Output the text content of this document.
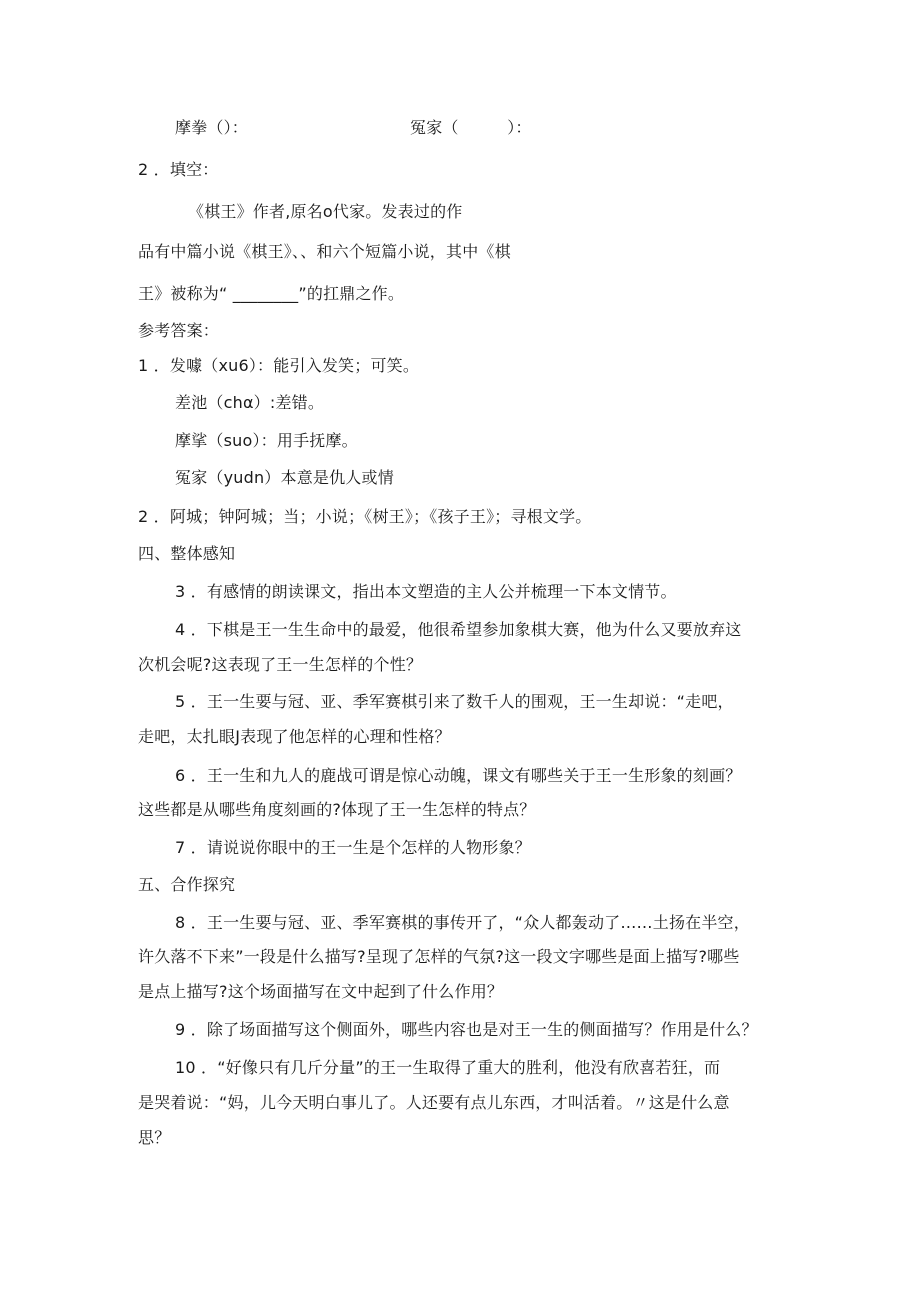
摩拳（）：	冤家（　　　）：
2 ．填空：
《棋王》作者,原名o代家。发表过的作
品有中篇小说《棋王》、、和六个短篇小说，其中《棋
王》被称为“ ________”的扛鼎之作。
参考答案：
1 ．发噱（xu6）：能引入发笑；可笑。
差池（chα）:差错。
摩挲（suo）：用手抚摩。
冤家（yudn）本意是仇人或情
2 ．阿城；钟阿城；当；小说；《树王》；《孩子王》；寻根文学。
四、整体感知
3 ．有感情的朗读课文，指出本文塑造的主人公并梳理一下本文情节。
4 ．下棋是王一生生命中的最爱，他很希望参加象棋大赛，他为什么又要放弃这
次机会呢?这表现了王一生怎样的个性？
5 ．王一生要与冠、亚、季军赛棋引来了数千人的围观，王一生却说：“走吧，
走吧，太扎眼J表现了他怎样的心理和性格？
6 ．王一生和九人的鹿战可谓是惊心动魄，课文有哪些关于王一生形象的刻画？
这些都是从哪些角度刻画的?体现了王一生怎样的特点？
7 ．请说说你眼中的王一生是个怎样的人物形象？
五、合作探究
8 ．王一生要与冠、亚、季军赛棋的事传开了，“众人都轰动了……土扬在半空，
许久落不下来”一段是什么描写?呈现了怎样的气氛?这一段文字哪些是面上描写?哪些
是点上描写?这个场面描写在文中起到了什么作用？
9 ．除了场面描写这个侧面外，哪些内容也是对王一生的侧面描写？作用是什么？
10 ．“好像只有几斤分量”的王一生取得了重大的胜利，他没有欣喜若狂，而
是哭着说：“妈，儿今天明白事儿了。人还要有点儿东西，才叫活着。〃这是什么意
思？
